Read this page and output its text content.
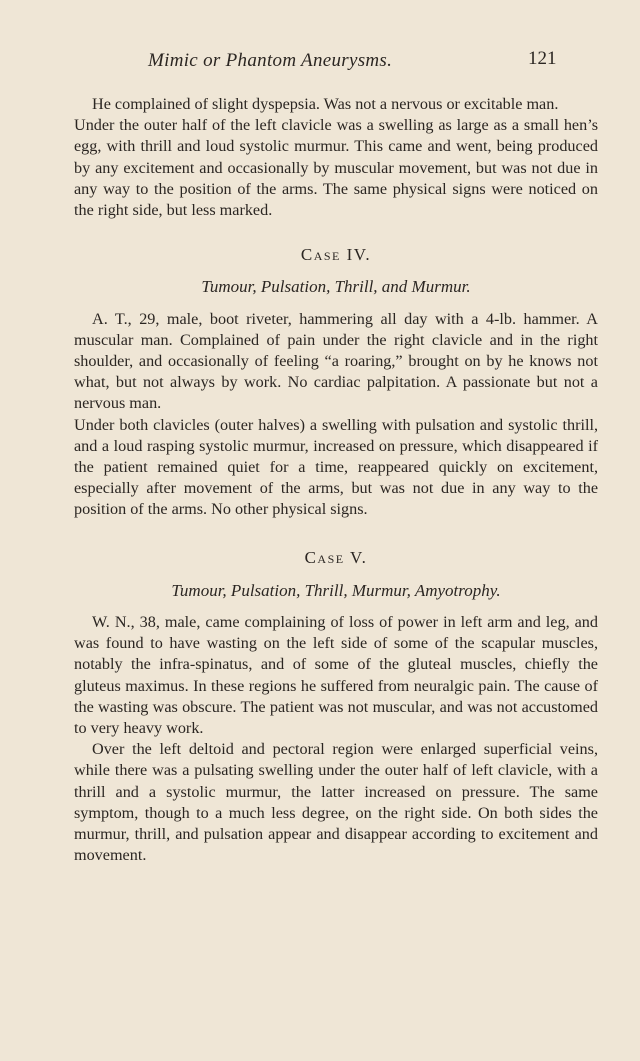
Mimic or Phantom Aneurysms.	121

He complained of slight dyspepsia. Was not a nervous or excitable man.

Under the outer half of the left clavicle was a swelling as large as a small hen’s egg, with thrill and loud systolic murmur. This came and went, being produced by any excitement and occasionally by muscular movement, but was not due in any way to the position of the arms. The same physical signs were noticed on the right side, but less marked.

Case IV.

Tumour, Pulsation, Thrill, and Murmur.

A. T., 29, male, boot riveter, hammering all day with a 4-lb. hammer. A muscular man. Complained of pain under the right clavicle and in the right shoulder, and occasionally of feeling “a roaring,” brought on by he knows not what, but not always by work. No cardiac palpitation. A passionate but not a nervous man.

Under both clavicles (outer halves) a swelling with pulsation and systolic thrill, and a loud rasping systolic murmur, increased on pressure, which disappeared if the patient remained quiet for a time, reappeared quickly on excitement, especially after movement of the arms, but was not due in any way to the position of the arms. No other physical signs.

Case V.

Tumour, Pulsation, Thrill, Murmur, Amyotrophy.

W. N., 38, male, came complaining of loss of power in left arm and leg, and was found to have wasting on the left side of some of the scapular muscles, notably the infra-spinatus, and of some of the gluteal muscles, chiefly the gluteus maximus. In these regions he suffered from neuralgic pain. The cause of the wasting was obscure. The patient was not muscular, and was not accustomed to very heavy work.

Over the left deltoid and pectoral region were enlarged superficial veins, while there was a pulsating swelling under the outer half of left clavicle, with a thrill and a systolic murmur, the latter increased on pressure. The same symptom, though to a much less degree, on the right side. On both sides the murmur, thrill, and pulsation appear and disappear according to excitement and movement.
